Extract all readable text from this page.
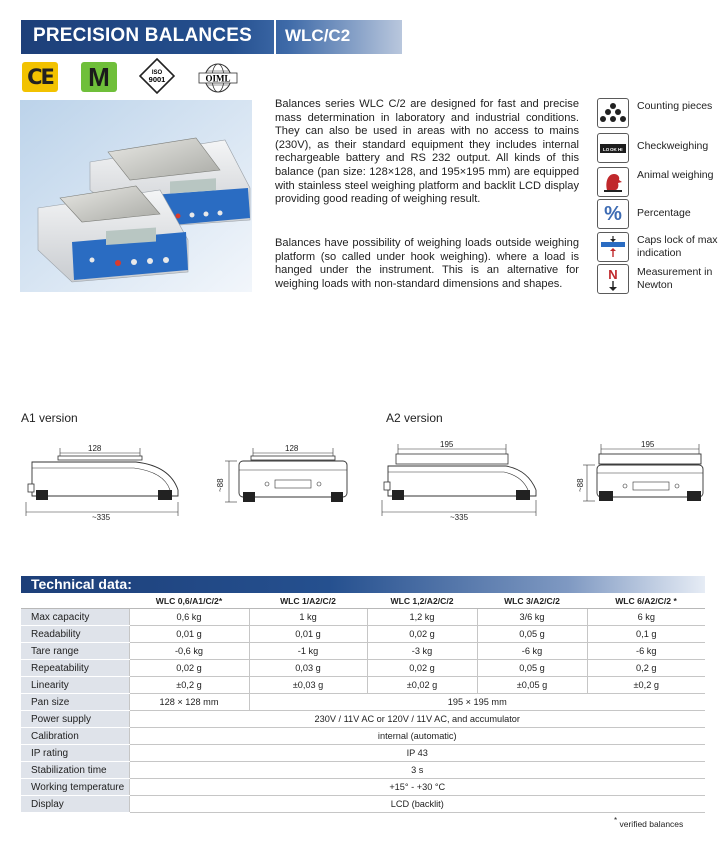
PRECISION BALANCES WLC/C2
CE M	ISO
9001	OIML
Balances series WLC C/2 are designed for fast and precise mass determination in laboratory and industrial conditions. They can also be used in areas with no access to mains (230V), as their standard equipment they includes internal rechargeable battery and RS 232 output. All kinds of this balance (pan size: 128×128, and 195×195 mm) are equipped with stainless steel weighing platform and backlit LCD display providing good reading of weighing result.
Balances have possibility of weighing loads outside weighing platform (so called under hook weighing). where a load is hanged under the instrument. This is an alternative for weighing loads with non-standard dimensions and shapes.
Counting pieces
LO OK HI Checkweighing
Animal weighing
%	Percentage
Caps lock of max indication
N Measurement in Newton
A1 version	A2 version
128
~335
128
~88
195
~335
195
~88
Technical data:
	WLC 0,6/A1/C/2*	WLC 1/A2/C/2	WLC 1,2/A2/C/2	WLC 3/A2/C/2	WLC 6/A2/C/2 *
Max capacity	0,6 kg	1 kg	1,2 kg	3/6 kg	6 kg
Readability	0,01 g	0,01 g	0,02 g	0,05 g	0,1 g
Tare range	-0,6 kg	-1 kg	-3 kg	-6 kg	-6 kg
Repeatability	0,02 g	0,03 g	0,02 g	0,05 g	0,2 g
Linearity	±0,2 g	±0,03 g	±0,02 g	±0,05 g	±0,2 g
Pan size	128 × 128 mm	195 × 195 mm			
Power supply	230V / 11V AC or 120V / 11V AC, and accumulator				
Calibration	internal (automatic)				
IP rating	IP 43				
Stabilization time	3 s				
Working temperature	+15° - +30 °C				
Display	LCD (backlit)				
* verified balances
